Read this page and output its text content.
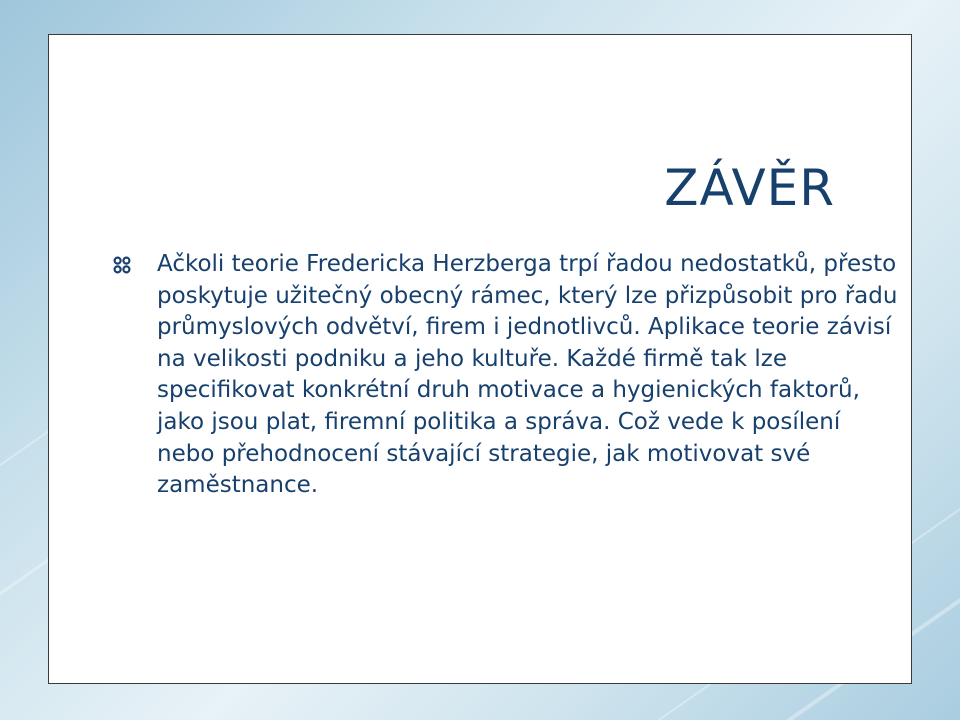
ZÁVĚR
Ačkoli teorie Fredericka Herzberga trpí řadou nedostatků, přesto poskytuje užitečný obecný rámec, který lze přizpůsobit pro řadu průmyslových odvětví, firem i jednotlivců. Aplikace teorie závisí na velikosti podniku a jeho kultuře. Každé firmě tak lze specifikovat konkrétní druh motivace a hygienických faktorů, jako jsou plat, firemní politika a správa. Což vede k posílení nebo přehodnocení stávající strategie, jak motivovat své zaměstnance.
